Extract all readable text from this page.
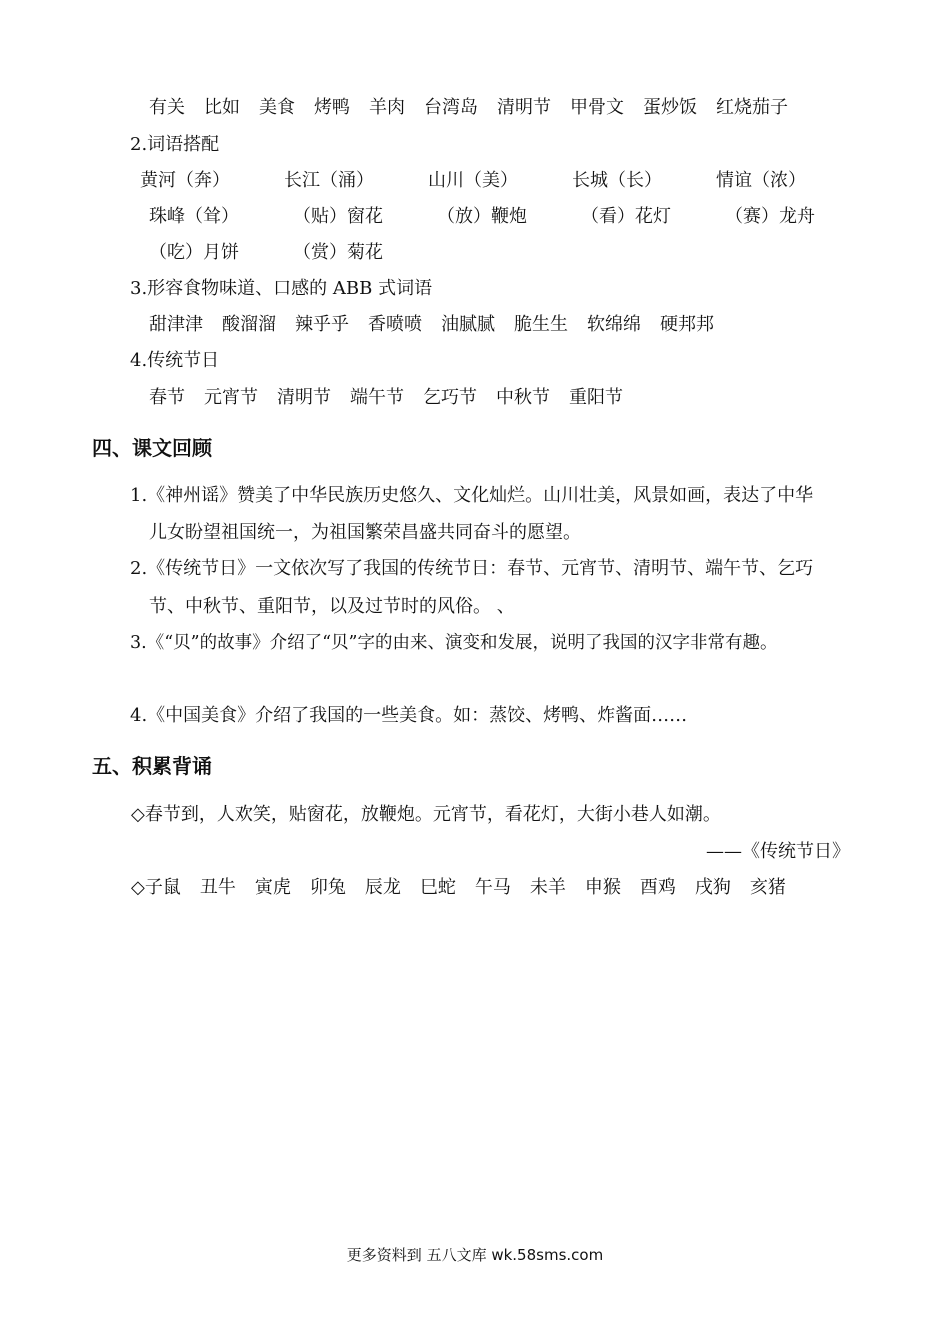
有关 比如 美食 烤鸭 羊肉 台湾岛 清明节 甲骨文 蛋炒饭 红烧茄子
2.词语搭配
黄河（奔）	长江（涌）	山川（美）	长城（长）	情谊（浓）
珠峰（耸）	（贴）窗花	（放）鞭炮	（看）花灯	（赛）龙舟
（吃）月饼	（赏）菊花
3.形容食物味道、口感的 ABB 式词语
甜津津 酸溜溜 辣乎乎 香喷喷 油腻腻 脆生生 软绵绵 硬邦邦
4.传统节日
春节 元宵节 清明节 端午节 乞巧节 中秋节 重阳节
四、课文回顾
1.《神州谣》赞美了中华民族历史悠久、文化灿烂。山川壮美，风景如画，表达了中华
儿女盼望祖国统一，为祖国繁荣昌盛共同奋斗的愿望。
2.《传统节日》一文依次写了我国的传统节日：春节、元宵节、清明节、端午节、乞巧
节、中秋节、重阳节，以及过节时的风俗。 、
3.《“贝”的故事》介绍了“贝”字的由来、演变和发展，说明了我国的汉字非常有趣。
4.《中国美食》介绍了我国的一些美食。如：蒸饺、烤鸭、炸酱面……
五、积累背诵
◇春节到，人欢笑，贴窗花，放鞭炮。元宵节，看花灯，大街小巷人如潮。
——《传统节日》
◇子鼠 丑牛 寅虎 卯兔 辰龙 巳蛇 午马 未羊 申猴 酉鸡 戌狗 亥猪
更多资料到 五八文库 wk.58sms.com
